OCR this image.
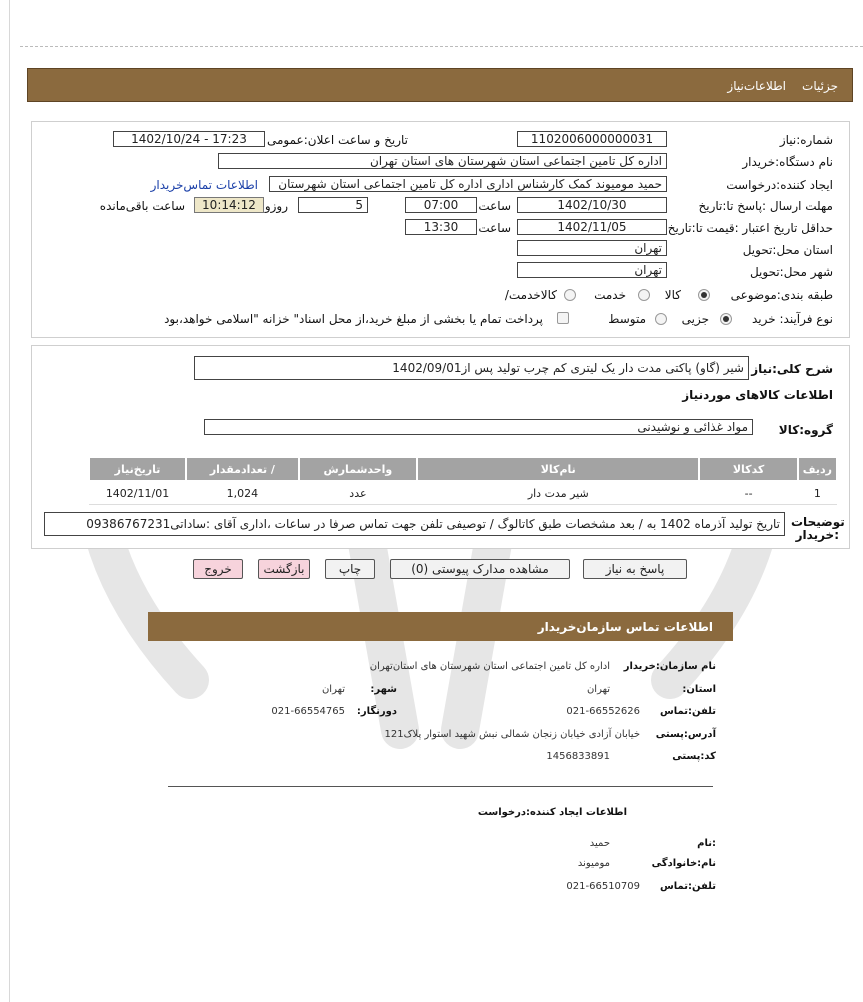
جزئیات
اطلاعات‌نیاز
شماره:نیاز
1102006000000031
تاریخ و ساعت اعلان:عمومی
1402/10/24 - 17:23
نام دستگاه:خریدار
اداره کل تامین اجتماعی استان شهرستان های استان تهران
ایجاد کننده:درخواست
حمید مومیوند کمک کارشناس اداری اداره کل تامین اجتماعی استان شهرستان
اطلاعات تماس‌خریدار
مهلت ارسال :پاسخ تا:تاریخ
1402/10/30
ساعت
07:00
5
روزو
10:14:12
ساعت باقی‌مانده
حداقل تاریخ اعتبار :قیمت تا:تاریخ
1402/11/05
ساعت
13:30
استان محل:تحویل
تهران
شهر محل:تحویل
تهران
طبقه بندی:موضوعی
کالا
خدمت
/کالاخدمت
نوع فرآیند: خرید
جزیی
متوسط
پرداخت تمام یا بخشی از مبلغ خرید،از محل اسناد" خزانه "اسلامی خواهد،بود
شرح کلی:نیاز
شیر (گاو) پاکتی مدت دار یک لیتری کم چرب تولید پس از1402/09/01
اطلاعات کالاهای موردنیاز
گروه:کالا
مواد غذائی و نوشیدنی
ردیف	کدکالا	نام‌کالا	واحدشمارش	/ تعدادمقدار	تاریخ‌نیاز
1	--	شیر مدت دار	عدد	1,024	1402/11/01
توضیحات :خریدار
تاریخ تولید آذرماه 1402 به / بعد مشخصات طبق کاتالوگ / توصیفی تلفن جهت تماس صرفا در ساعات ،اداری آقای :ساداتی09386767231
پاسخ به نیاز
مشاهده مدارک پیوستی (0)
چاپ
بازگشت
خروج
اطلاعات تماس سازمان‌خریدار
نام سازمان:خریدار
اداره کل تامین اجتماعی استان شهرستان های استان‌تهران
:استان
تهران
:شهر
تهران
تلفن:تماس
021-66552626
:دورنگار
021-66554765
آدرس:پستی
خیابان آزادی خیابان زنجان شمالی نبش شهید استوار پلاک121
کد:پستی
1456833891
اطلاعات ایجاد کننده:درخواست
نام:
حمید
نام:خانوادگی
مومیوند
تلفن:تماس
021-66510709
